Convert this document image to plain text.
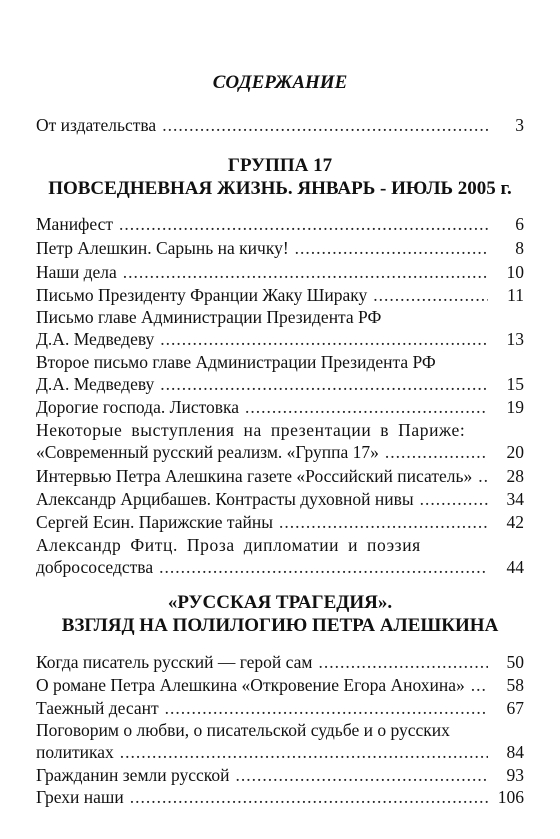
СОДЕРЖАНИЕ
От издательства .....	3
ГРУППА 17
ПОВСЕДНЕВНАЯ ЖИЗНЬ. ЯНВАРЬ - ИЮЛЬ 2005 г.
Манифест .....	6
Петр Алешкин. Сарынь на кичку! .....	8
Наши дела .....	10
Письмо Президенту Франции Жаку Шираку .....	11
Письмо главе Администрации Президента РФ
Д.А. Медведеву .....	13
Второе письмо главе Администрации Президента РФ
Д.А. Медведеву .....	15
Дорогие господа. Листовка .....	19
Некоторые выступления на презентации в Париже:
«Современный русский реализм. «Группа 17» .....	20
Интервью Петра Алешкина газете «Российский писатель» .....	28
Александр Арцибашев. Контрасты духовной нивы .....	34
Сергей Есин. Парижские тайны .....	42
Александр Фитц. Проза дипломатии и поэзия
добрососедства .....	44
«РУССКАЯ ТРАГЕДИЯ».
ВЗГЛЯД НА ПОЛИЛОГИЮ ПЕТРА АЛЕШКИНА
Когда писатель русский — герой сам .....	50
О романе Петра Алешкина «Откровение Егора Анохина» .....	58
Таежный десант .....	67
Поговорим о любви, о писательской судьбе и о русских
политиках .....	84
Гражданин земли русской .....	93
Грехи наши .....	106
